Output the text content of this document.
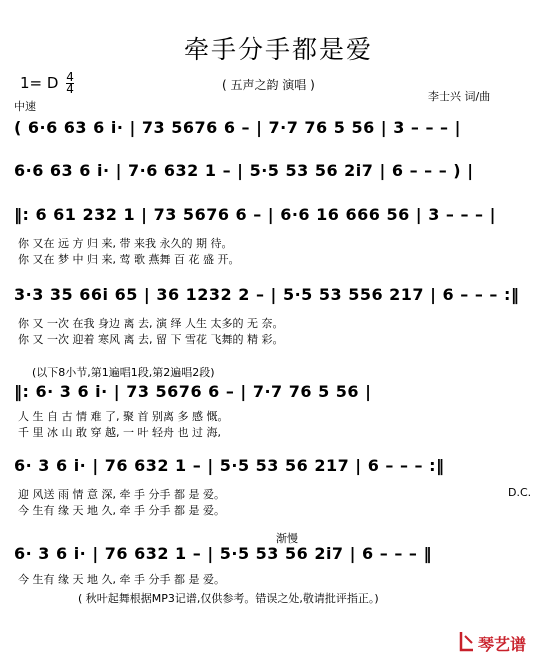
牵手分手都是爱
1= D $\frac{4}{4}$	( 五声之韵 演唱 )
中速
李士兴 词/曲
( 6·6 63 6 i· | 73 5676 6 – | 7·7 76 5 56 | 3 – – – |
6·6 63 6 i· | 7·6 632 1 – | 5·5 53 56 2i7 | 6 – – – ) |
‖: 6 61 232 1 | 73 5676 6 – | 6·6 16 666 56 | 3 – – – |
你 又在 远 方 归 来, 带 来我 永久的 期 待。
你 又在 梦 中 归 来, 莺 歌 燕舞 百 花 盛 开。
3·3 35 66i 65 | 36 1232 2 – | 5·5 53 556 217 | 6 – – – :‖
你 又 一次 在我 身边 离 去, 演 绎 人生 太多的 无 奈。
你 又 一次 迎着 寒风 离 去, 留 下 雪花 飞舞的 精 彩。
(以下8小节,第1遍唱1段,第2遍唱2段)
‖: 6· 3 6 i· | 73 5676 6 – | 7·7 76 5 56 |
人 生 自 古 情 难 了, 聚 首 别离 多 感 慨。
千 里 冰 山 敢 穿 越, 一 叶 轻舟 也 过 海,
6· 3 6 i· | 76 632 1 – | 5·5 53 56 217 | 6 – – – :‖
迎 风送 雨 情 意 深, 牵 手 分手 都 是 爱。
今 生有 缘 天 地 久, 牵 手 分手 都 是 爱。
D.C.
渐慢
6· 3 6 i· | 76 632 1 – | 5·5 53 56 2i7 | 6 – – – ‖
今 生有 缘 天 地 久, 牵 手 分手 都 是 爱。
( 秋叶起舞根据MP3记谱,仅供参考。错误之处,敬请批评指正。)
琴艺谱
